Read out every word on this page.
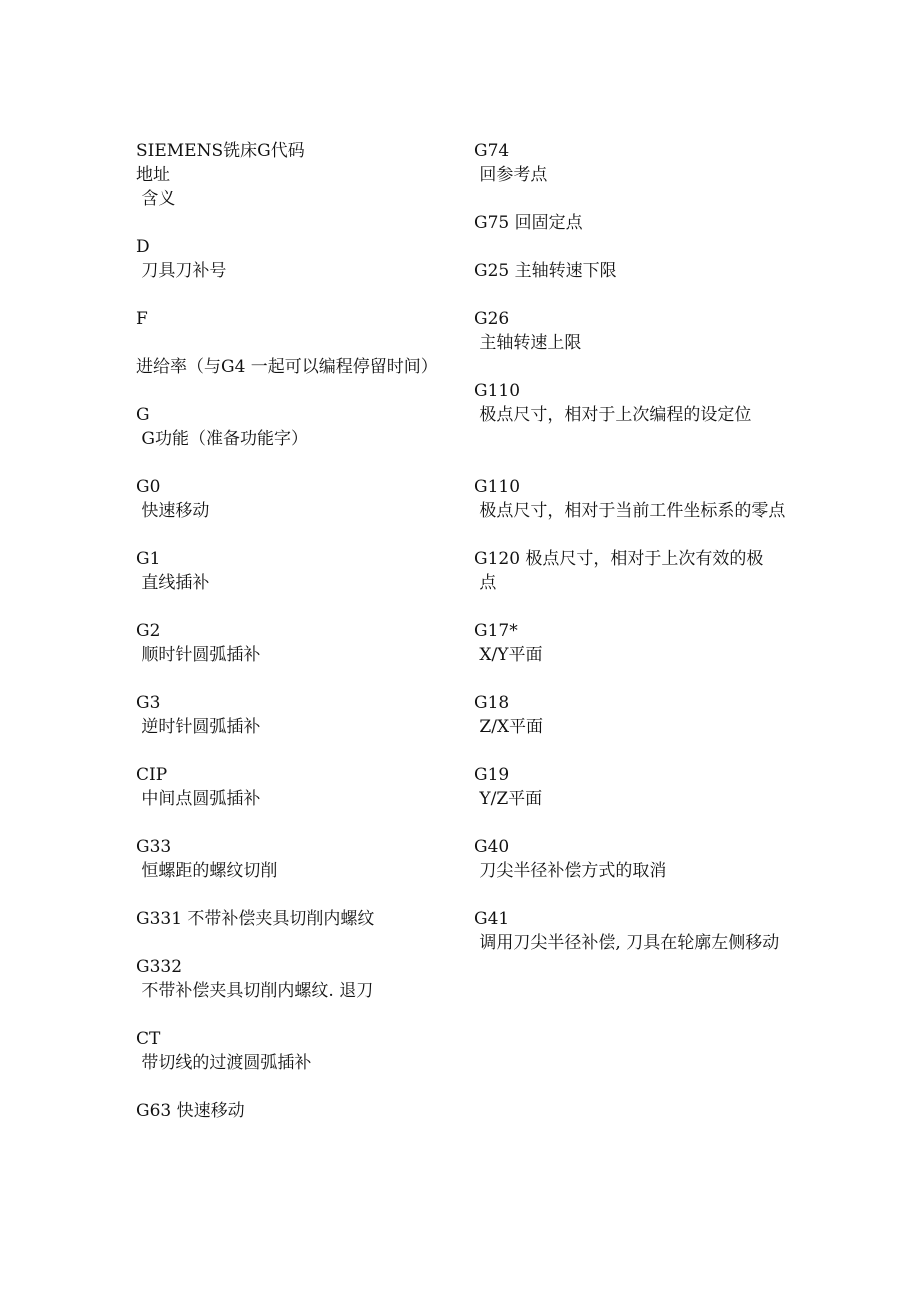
SIEMENS铣床G代码
地址
含义
D
刀具刀补号
F
进给率（与G4 一起可以编程停留时间）
G
G功能（准备功能字）
G0
快速移动
G1
直线插补
G2
顺时针圆弧插补
G3
逆时针圆弧插补
CIP
中间点圆弧插补
G33
恒螺距的螺纹切削
G331 不带补偿夹具切削内螺纹
G332
不带补偿夹具切削内螺纹. 退刀
CT
带切线的过渡圆弧插补
G63 快速移动
G74
回参考点
G75 回固定点
G25 主轴转速下限
G26
主轴转速上限
G110
极点尺寸，相对于上次编程的设定位
G110
极点尺寸，相对于当前工件坐标系的零点
G120 极点尺寸，相对于上次有效的极
点
G17*
X/Y平面
G18
Z/X平面
G19
Y/Z平面
G40
刀尖半径补偿方式的取消
G41
调用刀尖半径补偿, 刀具在轮廓左侧移动
